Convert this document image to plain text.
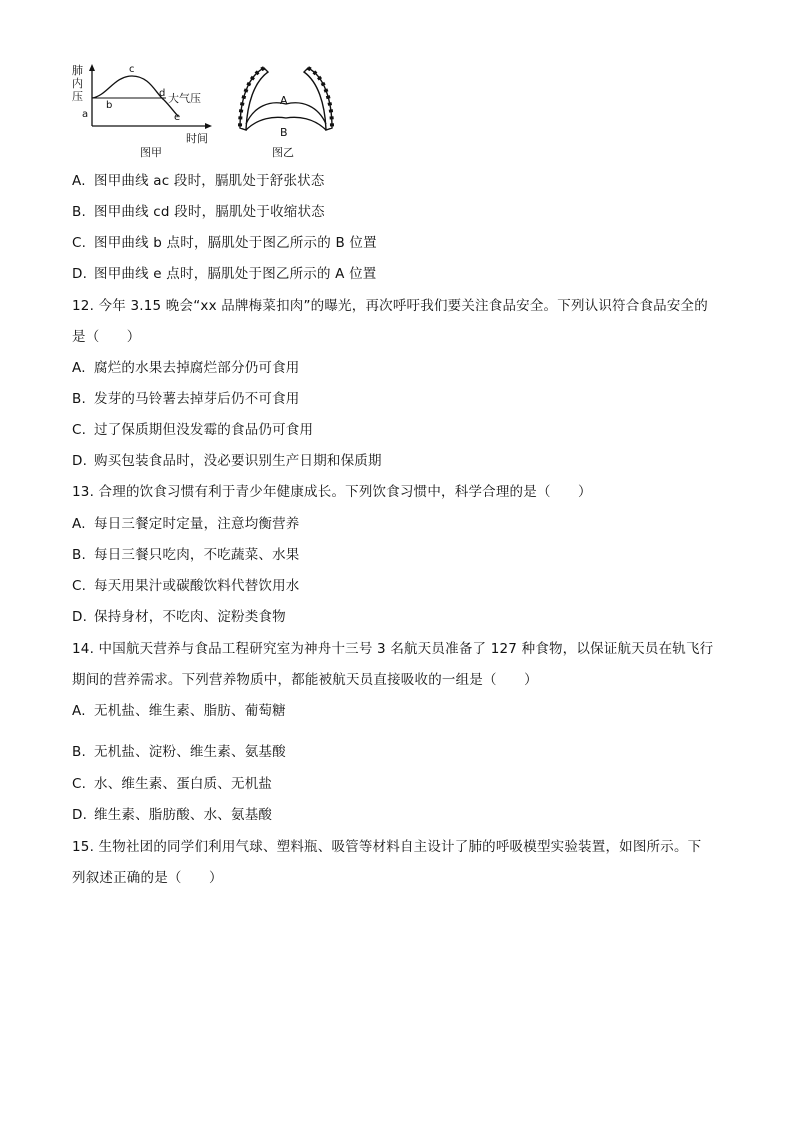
肺
内
压
a
b
c
d
e
大气压
时间
图甲
A
B
图乙
A. 图甲曲线 ac 段时，膈肌处于舒张状态
B. 图甲曲线 cd 段时，膈肌处于收缩状态
C. 图甲曲线 b 点时，膈肌处于图乙所示的 B 位置
D. 图甲曲线 e 点时，膈肌处于图乙所示的 A 位置
12. 今年 3.15 晚会“xx 品牌梅菜扣肉”的曝光，再次呼吁我们要关注食品安全。下列认识符合食品安全的
是（　　）
A. 腐烂的水果去掉腐烂部分仍可食用
B. 发芽的马铃薯去掉芽后仍不可食用
C. 过了保质期但没发霉的食品仍可食用
D. 购买包装食品时，没必要识别生产日期和保质期
13. 合理的饮食习惯有利于青少年健康成长。下列饮食习惯中，科学合理的是（　　）
A. 每日三餐定时定量，注意均衡营养
B. 每日三餐只吃肉，不吃蔬菜、水果
C. 每天用果汁或碳酸饮料代替饮用水
D. 保持身材，不吃肉、淀粉类食物
14. 中国航天营养与食品工程研究室为神舟十三号 3 名航天员准备了 127 种食物，以保证航天员在轨飞行
期间的营养需求。下列营养物质中，都能被航天员直接吸收的一组是（　　）
A. 无机盐、维生素、脂肪、葡萄糖
B. 无机盐、淀粉、维生素、氨基酸
C. 水、维生素、蛋白质、无机盐
D. 维生素、脂肪酸、水、氨基酸
15. 生物社团的同学们利用气球、塑料瓶、吸管等材料自主设计了肺的呼吸模型实验装置，如图所示。下
列叙述正确的是（　　）
